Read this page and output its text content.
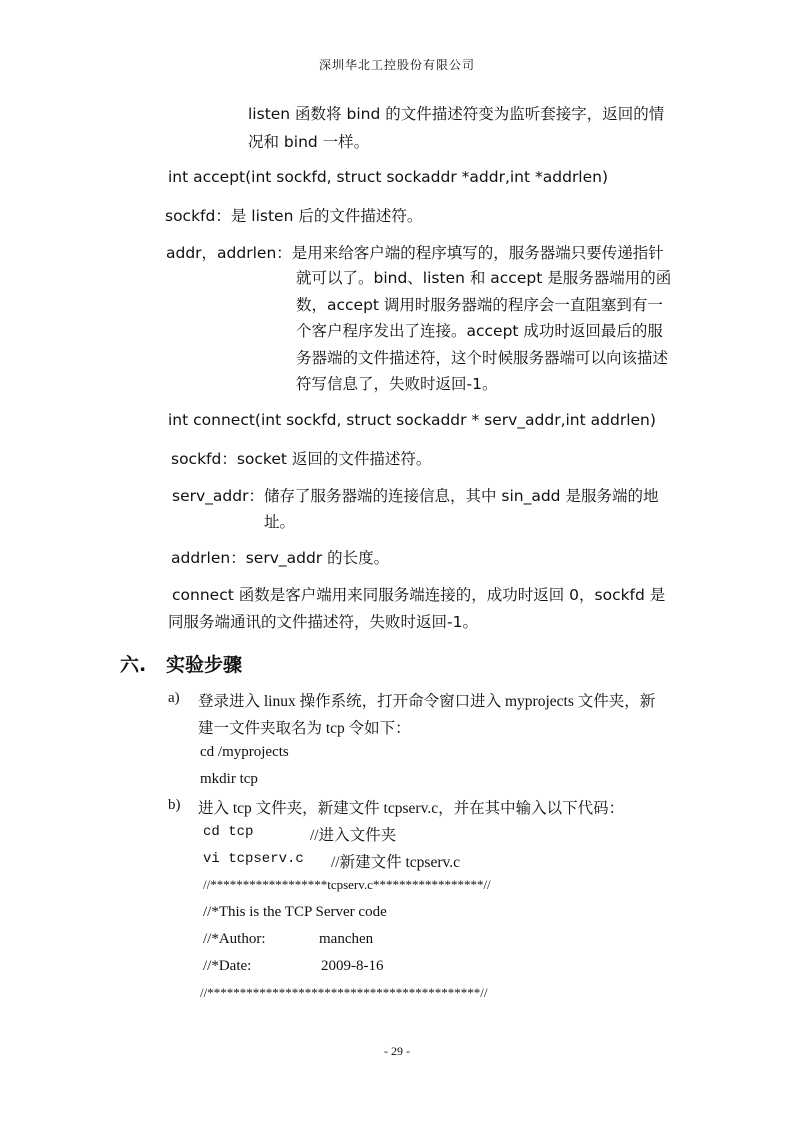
深圳华北工控股份有限公司
listen 函数将 bind 的文件描述符变为监听套接字，返回的情
况和 bind 一样。
int accept(int sockfd, struct sockaddr *addr,int *addrlen)
sockfd：是 listen 后的文件描述符。
addr，addrlen：是用来给客户端的程序填写的，服务器端只要传递指针
就可以了。bind、listen 和 accept 是服务器端用的函
数，accept 调用时服务器端的程序会一直阻塞到有一
个客户程序发出了连接。accept 成功时返回最后的服
务器端的文件描述符，这个时候服务器端可以向该描述
符写信息了，失败时返回-1。
int connect(int sockfd, struct sockaddr * serv_addr,int addrlen)
sockfd：socket 返回的文件描述符。
serv_addr：储存了服务器端的连接信息，其中 sin_add 是服务端的地
址。
addrlen：serv_addr 的长度。
connect 函数是客户端用来同服务端连接的，成功时返回 0，sockfd 是
同服务端通讯的文件描述符，失败时返回-1。
六. 实验步骤
a) 登录进入 linux 操作系统，打开命令窗口进入 myprojects 文件夹，新
建一文件夹取名为 tcp 令如下：
cd /myprojects
mkdir tcp
b) 进入 tcp 文件夹，新建文件 tcpserv.c，并在其中输入以下代码：
cd tcp	//进入文件夹
vi tcpserv.c //新建文件 tcpserv.c
//******************tcpserv.c*****************//
//*This is the TCP Server code
//*Author:	manchen
//*Date:	2009-8-16
//******************************************//
- 29 -
